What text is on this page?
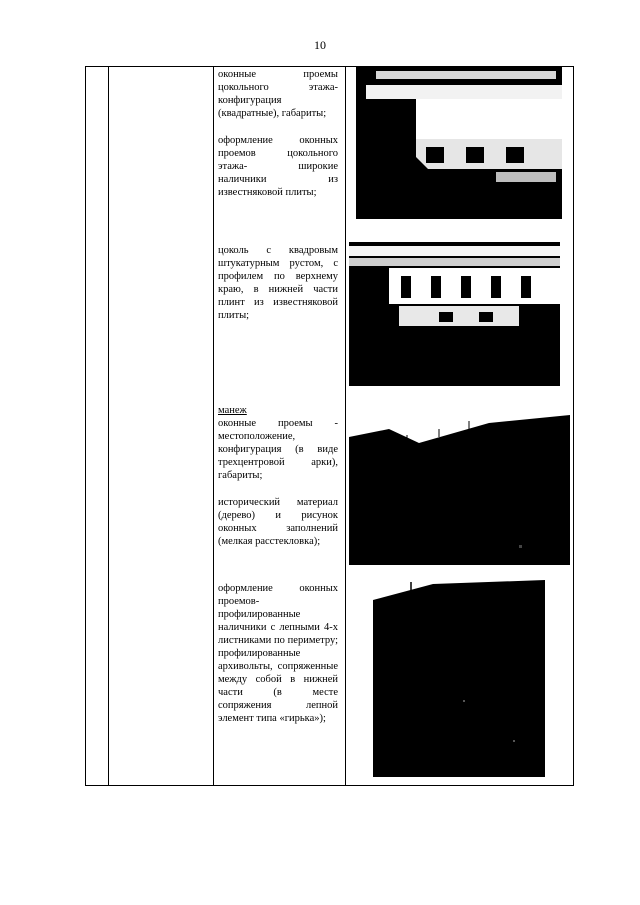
10

оконные проемы цокольного этажа- конфигурация (квадратные), габариты;

оформление оконных проемов цокольного этажа- широкие наличники из известняковой плиты;

цоколь с квадровым штукатурным рустом, с профилем по верхнему краю, в нижней части плинт из известняковой плиты;

манеж

оконные проемы - местоположение, конфигурация (в виде трехцентровой арки), габариты;

исторический материал (дерево) и рисунок оконных заполнений (мелкая расстекловка);

оформление оконных проемов- профилированные наличники с лепными 4-х листниками по периметру; профилированные архивольты, сопряженные между собой в нижней части (в месте сопряжения лепной элемент типа «гирька»);
